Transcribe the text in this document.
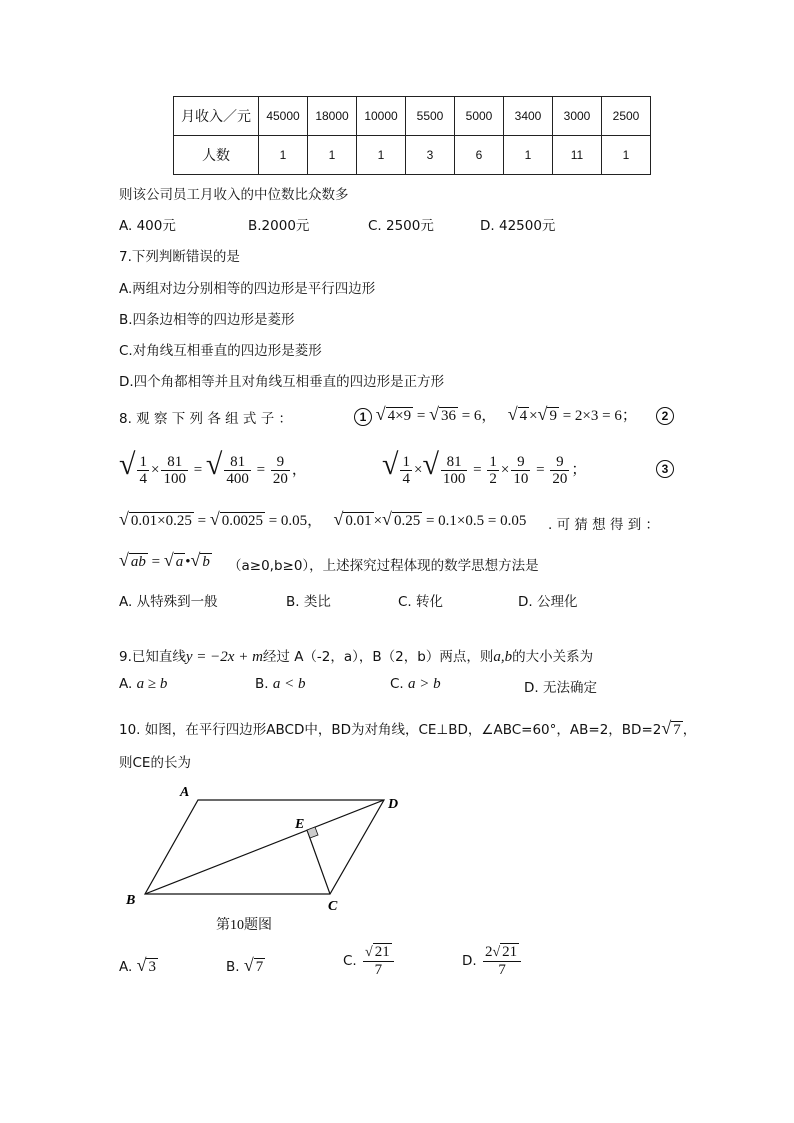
月收入／元	45000	18000	10000	5500	5000	3400	3000	2500
人数	1	1	1	3	6	1	11	1
则该公司员工月收入的中位数比众数多
A. 400元	B.2000元	C. 2500元	D. 42500元
7.下列判断错误的是
A.两组对边分别相等的四边形是平行四边形
B.四条边相等的四边形是菱形
C.对角线互相垂直的四边形是菱形
D.四个角都相等并且对角线互相垂直的四边形是正方形
8. 观 察 下 列 各 组 式 子 ：	1 √ 4×9 = √ 36 = 6，   √ 4 ×√ 9 = 2×3 = 6；	2
√ $\frac{1}{4} \times \frac{81}{100}$ = √ $\frac{81}{400} = \frac{9}{20}$ ，	√ $\frac{1}{4}$ ×√ $\frac{81}{100} = \frac{1}{2} \times \frac{9}{10} = \frac{9}{20}$ ；	3
√ 0.01×0.25 = √ 0.0025 = 0.05，   √ 0.01 ×√ 0.25 = 0.1×0.5 = 0.05 . 可 猜 想 得 到 ：
√ ab = √ a •√ b （a≥0,b≥0），上述探究过程体现的数学思想方法是
A. 从特殊到一般	B. 类比	C. 转化	D. 公理化
9.已知直线y = −2x + m经过 A（-2，a），B（2，b）两点，则a,b的大小关系为
A. a ≥ b	B. a < b	C. a > b	D. 无法确定
10. 如图，在平行四边形ABCD中，BD为对角线，CE⊥BD，∠ABC=60°，AB=2，BD=2√ 7 ，
则CE的长为
A
D
E
B	C
第10题图
A. √ 3	B. √ 7	C. $\frac{√ 21}{7}$	D. $\frac{2√ 21}{7}$
